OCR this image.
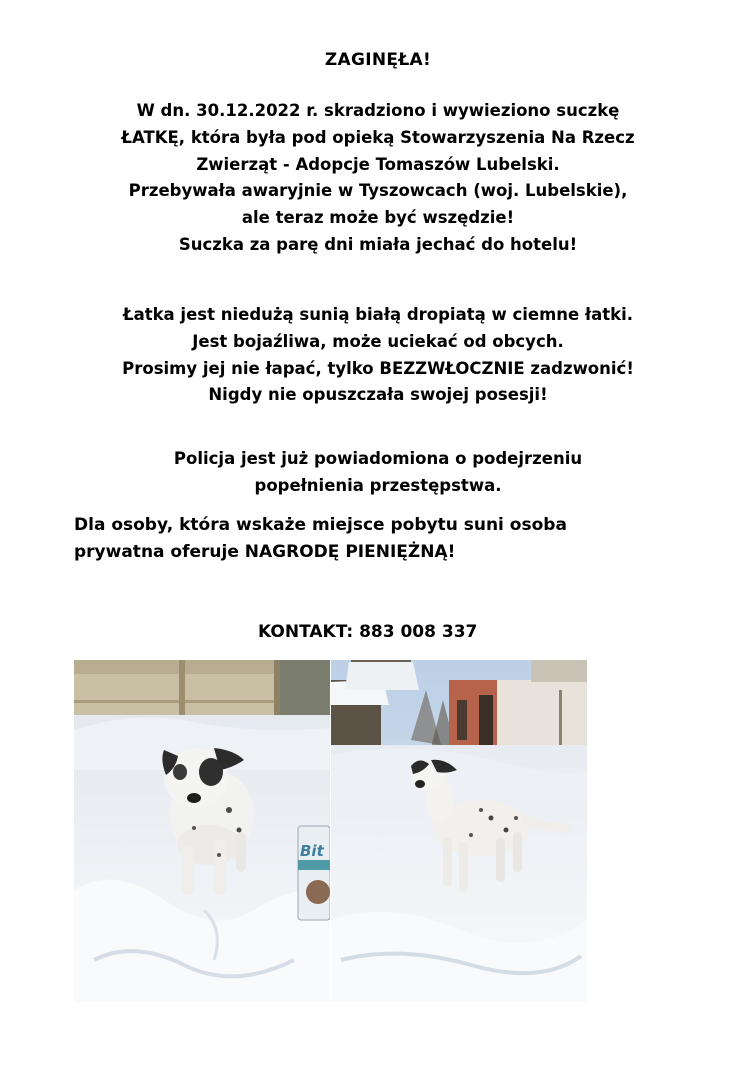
ZAGINĘŁA!
W dn. 30.12.2022 r. skradziono i wywieziono suczkę
ŁATKĘ, która była pod opieką Stowarzyszenia Na Rzecz
Zwierząt - Adopcje Tomaszów Lubelski.
Przebywała awaryjnie w Tyszowcach (woj. Lubelskie),
ale teraz może być wszędzie!
Suczka za parę dni miała jechać do hotelu!
Łatka jest niedużą sunią białą dropiatą w ciemne łatki.
Jest bojaźliwa, może uciekać od obcych.
Prosimy jej nie łapać, tylko BEZZWŁOCZNIE zadzwonić!
Nigdy nie opuszczała swojej posesji!
Policja jest już powiadomiona o podejrzeniu
popełnienia przestępstwa.
Dla osoby, która wskaże miejsce pobytu suni osoba
prywatna oferuje NAGRODĘ PIENIĘŻNĄ!
KONTAKT: 883 008 337
Bit
